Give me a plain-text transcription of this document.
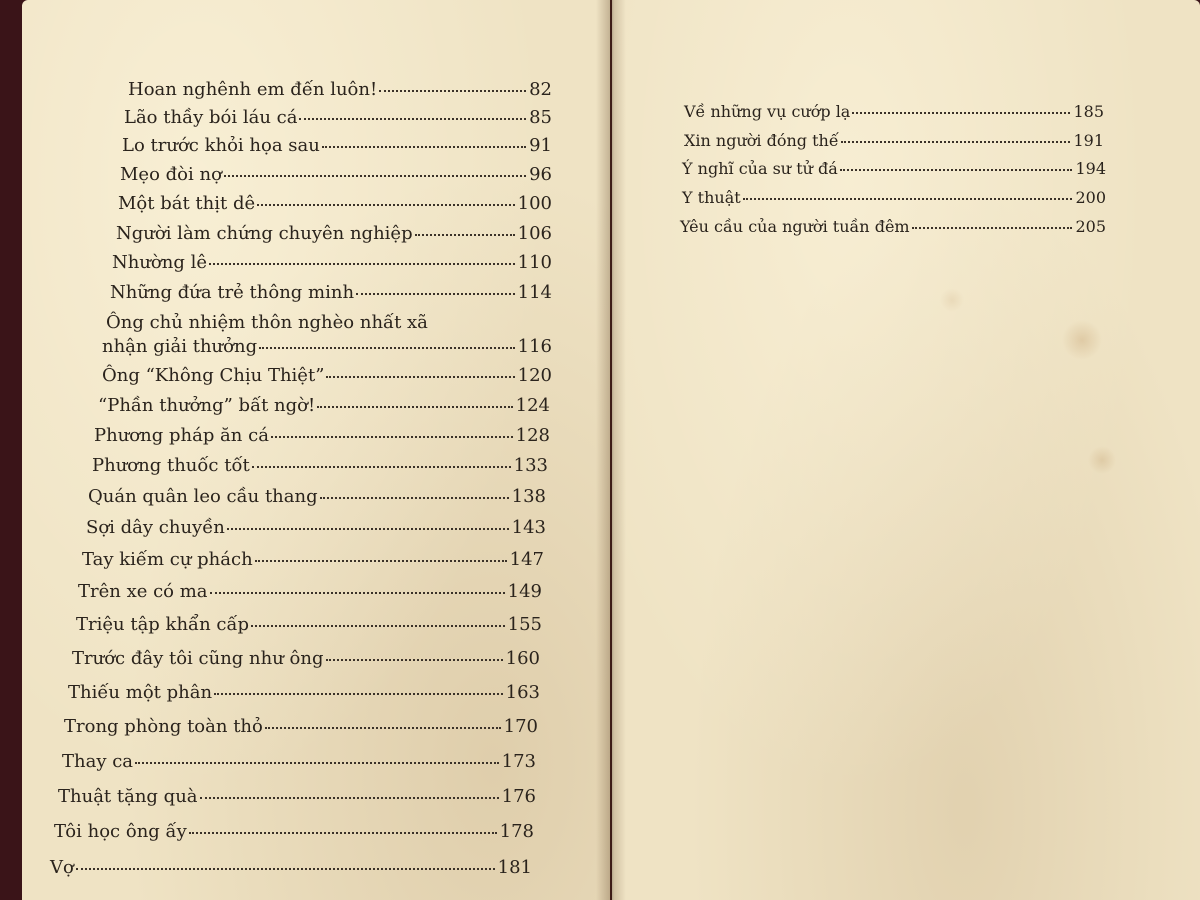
Hoan nghênh em đến luôn!	82
Lão thầy bói láu cá	85
Lo trước khỏi họa sau	91
Mẹo đòi nợ	96
Một bát thịt dê	100
Người làm chứng chuyên nghiệp	106
Nhường lê	110
Những đứa trẻ thông minh	114
Ông chủ nhiệm thôn nghèo nhất xã
nhận giải thưởng	116
Ông “Không Chịu Thiệt”	120
“Phần thưởng” bất ngờ!	124
Phương pháp ăn cá	128
Phương thuốc tốt	133
Quán quân leo cầu thang	138
Sợi dây chuyền	143
Tay kiếm cự phách	147
Trên xe có ma	149
Triệu tập khẩn cấp	155
Trước đây tôi cũng như ông	160
Thiếu một phân	163
Trong phòng toàn thỏ	170
Thay ca	173
Thuật tặng quà	176
Tôi học ông ấy	178
Vợ	181
Về những vụ cướp lạ	185
Xin người đóng thế	191
Ý nghĩ của sư tử đá	194
Y thuật	200
Yêu cầu của người tuần đêm	205
